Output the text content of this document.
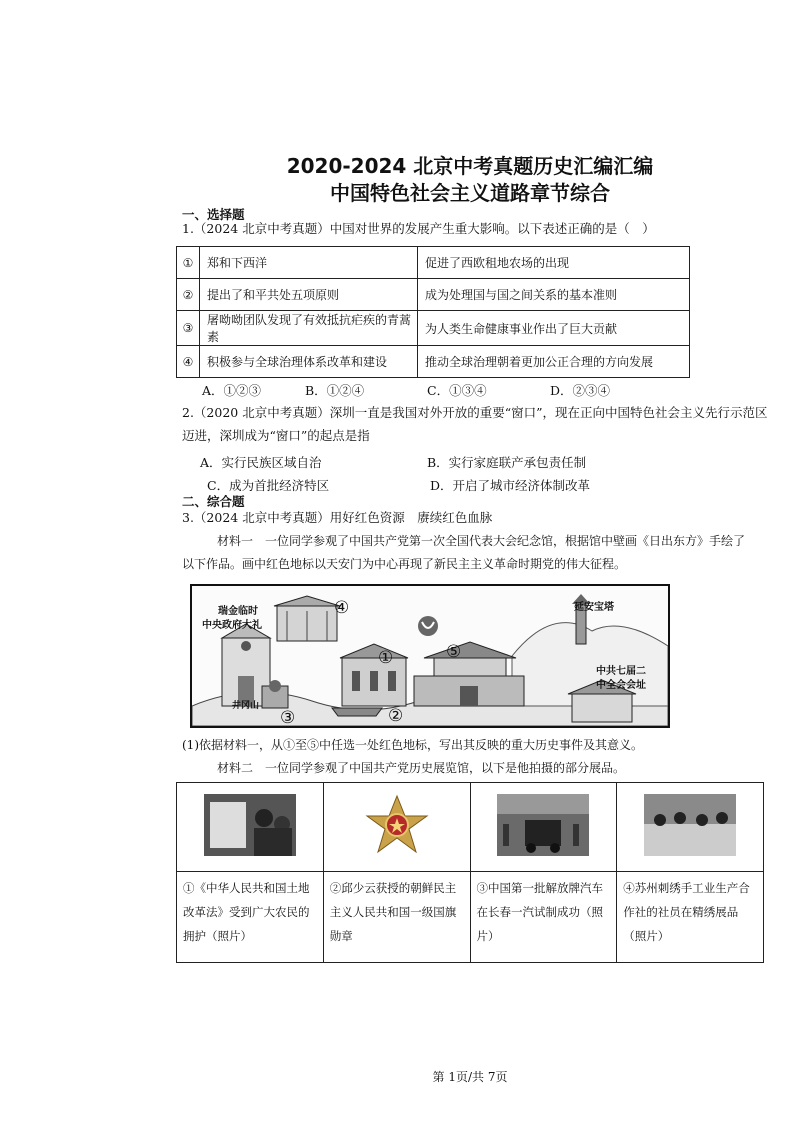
2020-2024 北京中考真题历史汇编汇编
中国特色社会主义道路章节综合
一、选择题
1.（2024 北京中考真题）中国对世界的发展产生重大影响。以下表述正确的是（　）
①	郑和下西洋	促进了西欧租地农场的出现
②	提出了和平共处五项原则	成为处理国与国之间关系的基本准则
③	屠呦呦团队发现了有效抵抗疟疾的青蒿素	为人类生命健康事业作出了巨大贡献
④	积极参与全球治理体系改革和建设	推动全球治理朝着更加公正合理的方向发展
A．①②③	B．①②④	C．①③④	D．②③④
2.（2020 北京中考真题）深圳一直是我国对外开放的重要“窗口”，现在正向中国特色社会主义先行示范区
迈进，深圳成为“窗口”的起点是指
A．实行民族区域自治	B．实行家庭联产承包责任制
C．成为首批经济特区	D．开启了城市经济体制改革
二、综合题
3.（2024 北京中考真题）用好红色资源　赓续红色血脉
材料一　一位同学参观了中国共产党第一次全国代表大会纪念馆，根据馆中壁画《日出东方》手绘了
以下作品。画中红色地标以天安门为中心再现了新民主主义革命时期党的伟大征程。
瑞金临时
中央政府大礼
延安宝塔
中共七届二
中全会会址
井冈山
④
①
②
③
⑤
(1)依据材料一，从①至⑤中任选一处红色地标，写出其反映的重大历史事件及其意义。
材料二　一位同学参观了中国共产党历史展览馆，以下是他拍摄的部分展品。

①《中华人民共和国土地改革法》受到广大农民的拥护（照片）	②邱少云获授的朝鲜民主主义人民共和国一级国旗勋章	③中国第一批解放牌汽车在长春一汽试制成功（照片）	④苏州刺绣手工业生产合作社的社员在精绣展品（照片）
第 1页/共 7页
